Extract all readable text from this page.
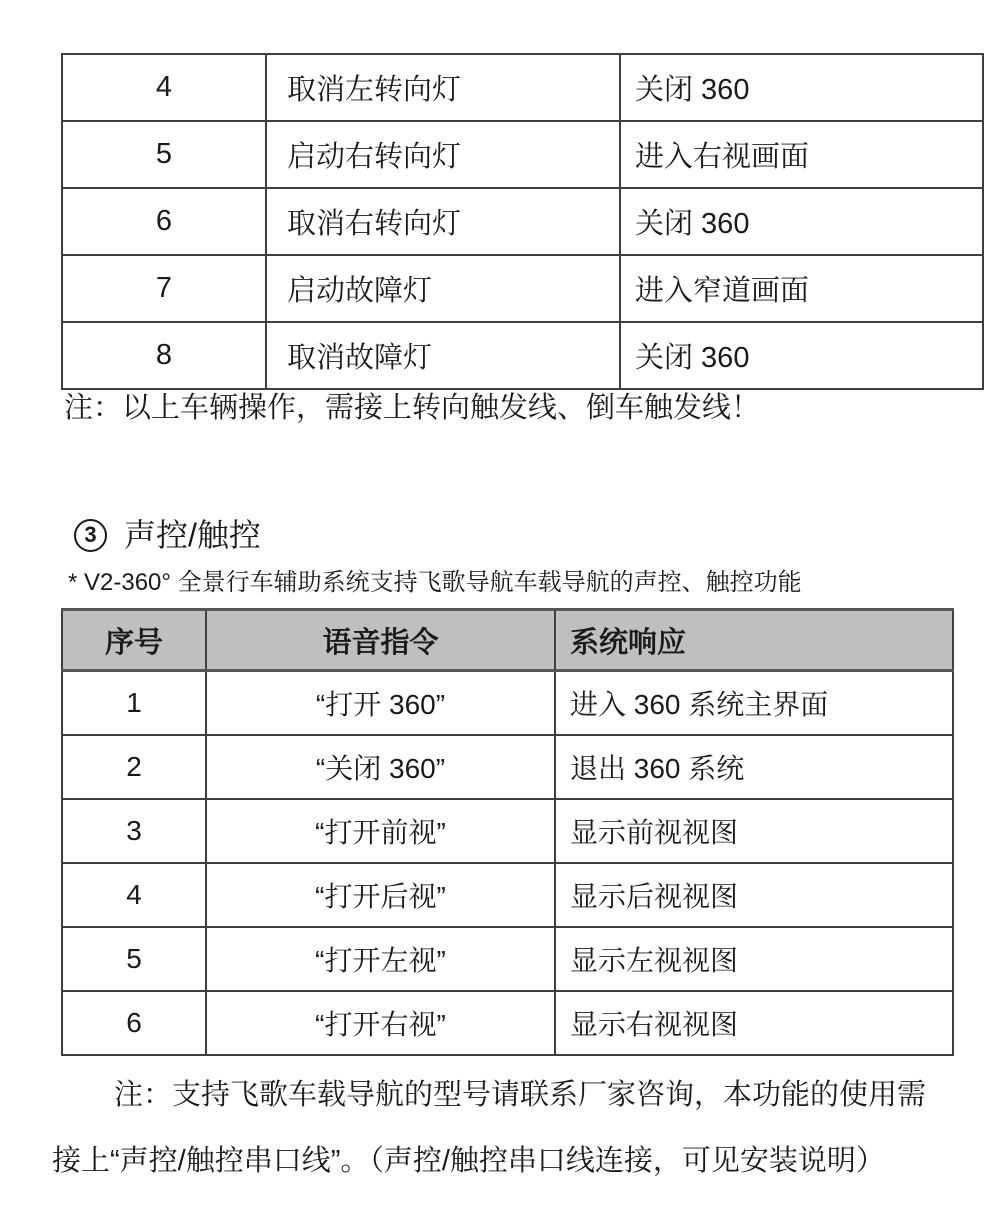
4	取消左转向灯	关闭 360
5	启动右转向灯	进入右视画面
6	取消右转向灯	关闭 360
7	启动故障灯	进入窄道画面
8	取消故障灯	关闭 360

注：以上车辆操作，需接上转向触发线、倒车触发线！

3 声控/触控

* V2-360° 全景行车辅助系统支持飞歌导航车载导航的声控、触控功能

序号	语音指令	系统响应
1	“打开 360”	进入 360 系统主界面
2	“关闭 360”	退出 360 系统
3	“打开前视”	显示前视视图
4	“打开后视”	显示后视视图
5	“打开左视”	显示左视视图
6	“打开右视”	显示右视视图

注：支持飞歌车载导航的型号请联系厂家咨询，本功能的使用需

接上“声控/触控串口线”。（声控/触控串口线连接，可见安装说明）
